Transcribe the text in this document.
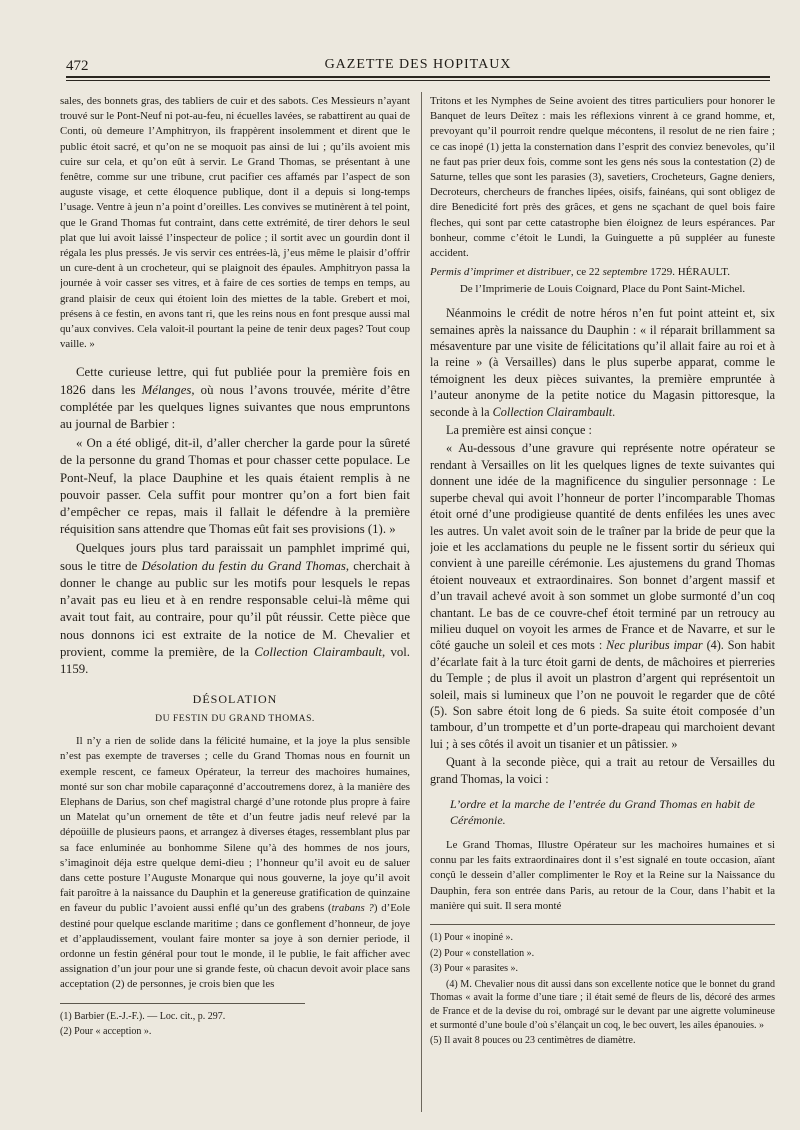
472	GAZETTE DES HOPITAUX

sales, des bonnets gras, des tabliers de cuir et des sabots. Ces Messieurs n’ayant trouvé sur le Pont-Neuf ni pot-au-feu, ni écuelles lavées, se rabattirent au quai de Conti, où demeure l’Amphitryon, ils frappèrent insolemment et dirent que le public étoit sacré, et qu’on ne se moquoit pas ainsi de lui ; qu’ils avoient mis cuire sur cela, et qu’on eût à servir. Le Grand Thomas, se présentant à une fenêtre, comme sur une tribune, crut pacifier ces affamés par l’aspect de son auguste visage, et cette éloquence publique, dont il a depuis si long-temps l’usage. Ventre à jeun n’a point d’oreilles. Les convives se mutinèrent à tel point, que le Grand Thomas fut contraint, dans cette extrémité, de tirer dehors le seul plat que lui avoit laissé l’inspecteur de police ; il sortit avec un gourdin dont il régala les plus pressés. Je vis servir ces entrées-là, j’eus même le plaisir d’offrir un cure-dent à un crocheteur, qui se plaignoit des épaules. Amphitryon passa la journée à voir casser ses vitres, et à faire de ces sorties de temps en temps, au grand plaisir de ceux qui étoient loin des miettes de la table. Grebert et moi, présens à ce festin, en avons tant ri, que les reins nous en font presque aussi mal qu’aux convives. Cela valoit-il pourtant la peine de tenir deux pages? Tout coup vaille. »

Cette curieuse lettre, qui fut publiée pour la première fois en 1826 dans les Mélanges, où nous l’avons trouvée, mérite d’être complétée par les quelques lignes suivantes que nous empruntons au journal de Barbier :

« On a été obligé, dit-il, d’aller chercher la garde pour la sûreté de la personne du grand Thomas et pour chasser cette populace. Le Pont-Neuf, la place Dauphine et les quais étaient remplis à ne pouvoir passer. Cela suffit pour montrer qu’on a fort bien fait d’empêcher ce repas, mais il fallait le défendre à la première réquisition sans attendre que Thomas eût fait ses provisions (1). »

Quelques jours plus tard paraissait un pamphlet imprimé qui, sous le titre de Désolation du festin du Grand Thomas, cherchait à donner le change au public sur les motifs pour lesquels le repas n’avait pas eu lieu et à en rendre responsable celui-là même qui avait tout fait, au contraire, pour qu’il pût réussir. Cette pièce que nous donnons ici est extraite de la notice de M. Chevalier et provient, comme la première, de la Collection Clairambault, vol. 1159.

DÉSOLATION
DU FESTIN DU GRAND THOMAS.

Il n’y a rien de solide dans la félicité humaine, et la joye la plus sensible n’est pas exempte de traverses ; celle du Grand Thomas nous en fournit un exemple rescent, ce fameux Opérateur, la terreur des machoires humaines, monté sur son char mobile caparaçonné d’accoutremens dorez, à la manière des Elephans de Darius, son chef magistral chargé d’une rotonde plus propre à faire un Matelat qu’un ornement de tête et d’un feutre jadis neuf relevé par la dépoüille de plusieurs paons, et arrangez à diverses étages, ressemblant plus par sa face enluminée au bonhomme Silene qu’à des hommes de nos jours, s’imaginoit déja estre quelque demi-dieu ; l’honneur qu’il avoit eu de saluer dans cette posture l’Auguste Monarque qui nous gouverne, la joye qu’il avoit fait paroître à la naissance du Dauphin et la genereuse gratification de quinzaine en faveur du public l’avoient aussi enflé qu’un des grabens (trabans ?) d’Eole destiné pour quelque esclande maritime ; dans ce gonflement d’honneur, de joye et d’applaudissement, voulant faire monter sa joye à son dernier periode, il ordonne un festin général pour tout le monde, il le publie, le fait afficher avec assignation d’un jour pour une si grande feste, où chacun devoit avoir place sans acceptation (2) de personnes, je crois bien que les

(1) Barbier (E.-J.-F.). — Loc. cit., p. 297.

(2) Pour « acception ».

Tritons et les Nymphes de Seine avoient des titres particuliers pour honorer le Banquet de leurs Deïtez : mais les réflexions vinrent à ce grand homme, et, prevoyant qu’il pourroit rendre quelque mécontens, il resolut de ne rien faire ; ce cas inopé (1) jetta la consternation dans l’esprit des conviez benevoles, qu’il ne faut pas prier deux fois, comme sont les gens nés sous la contestation (2) de Saturne, telles que sont les parasies (3), savetiers, Crocheteurs, Gagne deniers, Decroteurs, chercheurs de franches lipées, oisifs, fainéans, qui sont obligez de dire Benedicité fort près des grâces, et gens ne sçachant de quel bois faire fleches, qui sont par cette catastrophe bien éloignez de leurs espérances. Par bonheur, comme c’étoit le Lundi, la Guinguette a pû suppléer au funeste accident.

Permis d’imprimer et distribuer, ce 22 septembre 1729. HÉRAULT.

De l’Imprimerie de Louis Coignard, Place du Pont Saint-Michel.

Néanmoins le crédit de notre héros n’en fut point atteint et, six semaines après la naissance du Dauphin : « il réparait brillamment sa mésaventure par une visite de félicitations qu’il allait faire au roi et à la reine » (à Versailles) dans le plus superbe apparat, comme le témoignent les deux pièces suivantes, la première empruntée à l’auteur anonyme de la petite notice du Magasin pittoresque, la seconde à la Collection Clairambault.

La première est ainsi conçue :

« Au-dessous d’une gravure qui représente notre opérateur se rendant à Versailles on lit les quelques lignes de texte suivantes qui donnent une idée de la magnificence du singulier personnage : Le superbe cheval qui avoit l’honneur de porter l’incomparable Thomas étoit orné d’une prodigieuse quantité de dents enfilées les unes avec les autres. Un valet avoit soin de le traîner par la bride de peur que la joie et les acclamations du peuple ne le fissent sortir du sérieux qui convient à une pareille cérémonie. Les ajustemens du grand Thomas étoient nouveaux et extraordinaires. Son bonnet d’argent massif et d’un travail achevé avoit à son sommet un globe surmonté d’un coq chantant. Le bas de ce couvre-chef étoit terminé par un retroucy au milieu duquel on voyoit les armes de France et de Navarre, et sur le côté gauche un soleil et ces mots : Nec pluribus impar (4). Son habit d’écarlate fait à la turc étoit garni de dents, de mâchoires et pierreries du Temple ; de plus il avoit un plastron d’argent qui représentoit un soleil, mais si lumineux que l’on ne pouvoit le regarder que de côté (5). Son sabre étoit long de 6 pieds. Sa suite étoit composée d’un tambour, d’un trompette et d’un porte-drapeau qui marchoient devant lui ; à ses côtés il avoit un tisanier et un pâtissier. »

Quant à la seconde pièce, qui a trait au retour de Versailles du grand Thomas, la voici :

L’ordre et la marche de l’entrée du Grand Thomas en habit de Cérémonie.

Le Grand Thomas, Illustre Opérateur sur les machoires humaines et si connu par les faits extraordinaires dont il s’est signalé en toute occasion, aïant conçû le dessein d’aller complimenter le Roy et la Reine sur la Naissance du Dauphin, fera son entrée dans Paris, au retour de la Cour, dans l’habit et la manière qui suit. Il sera monté

(1) Pour « inopiné ».

(2) Pour « constellation ».

(3) Pour « parasites ».

(4) M. Chevalier nous dit aussi dans son excellente notice que le bonnet du grand Thomas « avait la forme d’une tiare ; il était semé de fleurs de lis, décoré des armes de France et de la devise du roi, ombragé sur le devant par une aigrette volumineuse et surmonté d’une boule d’où s’élançait un coq, le bec ouvert, les ailes épanouies. »

(5) Il avait 8 pouces ou 23 centimètres de diamètre.
